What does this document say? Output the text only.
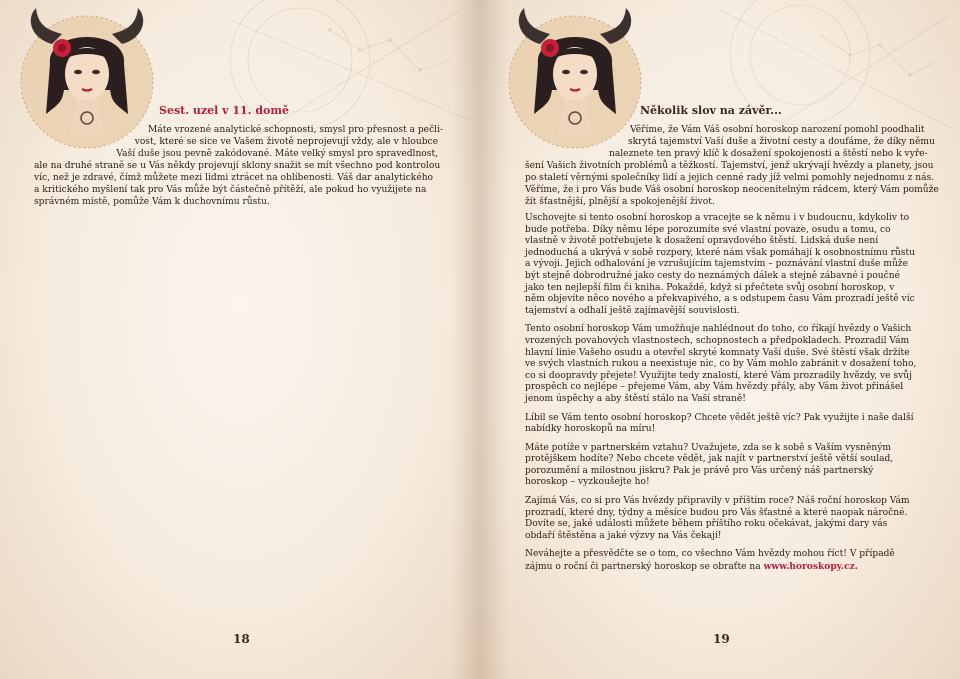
Sest. uzel v 11. domě
Máte vrozené analytické schopnosti, smysl pro přesnost a pečli-
vost, které se sice ve Vašem životě neprojevují vždy, ale v hloubce
Vaší duše jsou pevně zakódované. Máte velký smysl pro spravedlnost,
ale na druhé straně se u Vás někdy projevují sklony snažit se mít všechno pod kontrolou
víc, než je zdravé, čímž můžete mezi lidmi ztrácet na oblíbenosti. Váš dar analytického
a kritického myšlení tak pro Vás může být částečně přítěží, ale pokud ho využijete na
správném místě, pomůže Vám k duchovnímu růstu.
18
Několik slov na závěr...
Věříme, že Vám Váš osobní horoskop narození pomohl poodhalit
skrytá tajemství Vaší duše a životní cesty a doufáme, že díky němu
naleznete ten pravý klíč k dosažení spokojenosti a štěstí nebo k vyře-
šení Vašich životních problémů a těžkostí. Tajemství, jenž ukrývají hvězdy a planety, jsou
po staletí věrnými společníky lidí a jejich cenné rady jíž velmi pomohly nejednomu z nás.
Věříme, že i pro Vás bude Váš osobní horoskop neocenitelným rádcem, který Vám pomůže
žít šťastnější, plnější a spokojenější život.

Uschovejte si tento osobní horoskop a vracejte se k němu i v budoucnu, kdykoliv to bude potřeba. Díky němu lépe porozumíte své vlastní povaze, osudu a tomu, co vlastně v životě potřebujete k dosažení opravdového štěstí. Lidská duše není jednoduchá a ukrývá v sobě rozpory, které nám však pomáhají k osobnostnímu růstu a vývoji. Jejich odhalování je vzrušujícím tajemstvím – poznávání vlastní duše může být stejně dobrodružné jako cesty do neznámých dálek a stejně zábavné i poučné jako ten nejlepší film či kniha. Pokaždé, když si přečtete svůj osobní horoskop, v něm objevíte něco nového a překvapivého, a s odstupem času Vám prozradí ještě víc tajemství a odhalí ještě zajímavější souvislosti.

Tento osobní horoskop Vám umožňuje nahlédnout do toho, co říkají hvězdy o Vašich vrozených povahových vlastnostech, schopnostech a předpokladech. Prozradil Vám hlavní linie Vašeho osudu a otevřel skryté komnaty Vaší duše. Své štěstí však držíte ve svých vlastních rukou a neexistuje nic, co by Vám mohlo zabránit v dosažení toho, co si doopravdy přejete! Využijte tedy znalostí, které Vám prozradily hvězdy, ve svůj prospěch co nejlépe – přejeme Vám, aby Vám hvězdy přály, aby Vám život přinášel jenom úspěchy a aby štěstí stálo na Vaší straně!

Líbil se Vám tento osobní horoskop? Chcete vědět ještě víc? Pak využijte i naše další nabídky horoskopů na míru!

Máte potíže v partnerském vztahu? Uvažujete, zda se k sobě s Vaším vysněným protějškem hodíte? Nebo chcete vědět, jak najít v partnerství ještě větší soulad, porozumění a milostnou jiskru? Pak je právě pro Vás určený náš partnerský horoskop – vyzkoušejte ho!

Zajímá Vás, co si pro Vás hvězdy připravily v příštím roce? Náš roční horoskop Vám prozradí, které dny, týdny a měsíce budou pro Vás šťastné a které naopak náročné. Dovíte se, jaké události můžete během příštího roku očekávat, jakými dary vás obdaří štěstěna a jaké výzvy na Vás čekají!

Neváhejte a přesvědčte se o tom, co všechno Vám hvězdy mohou říct! V případě zájmu o roční či partnerský horoskop se obraťte na www.horoskopy.cz.

19
